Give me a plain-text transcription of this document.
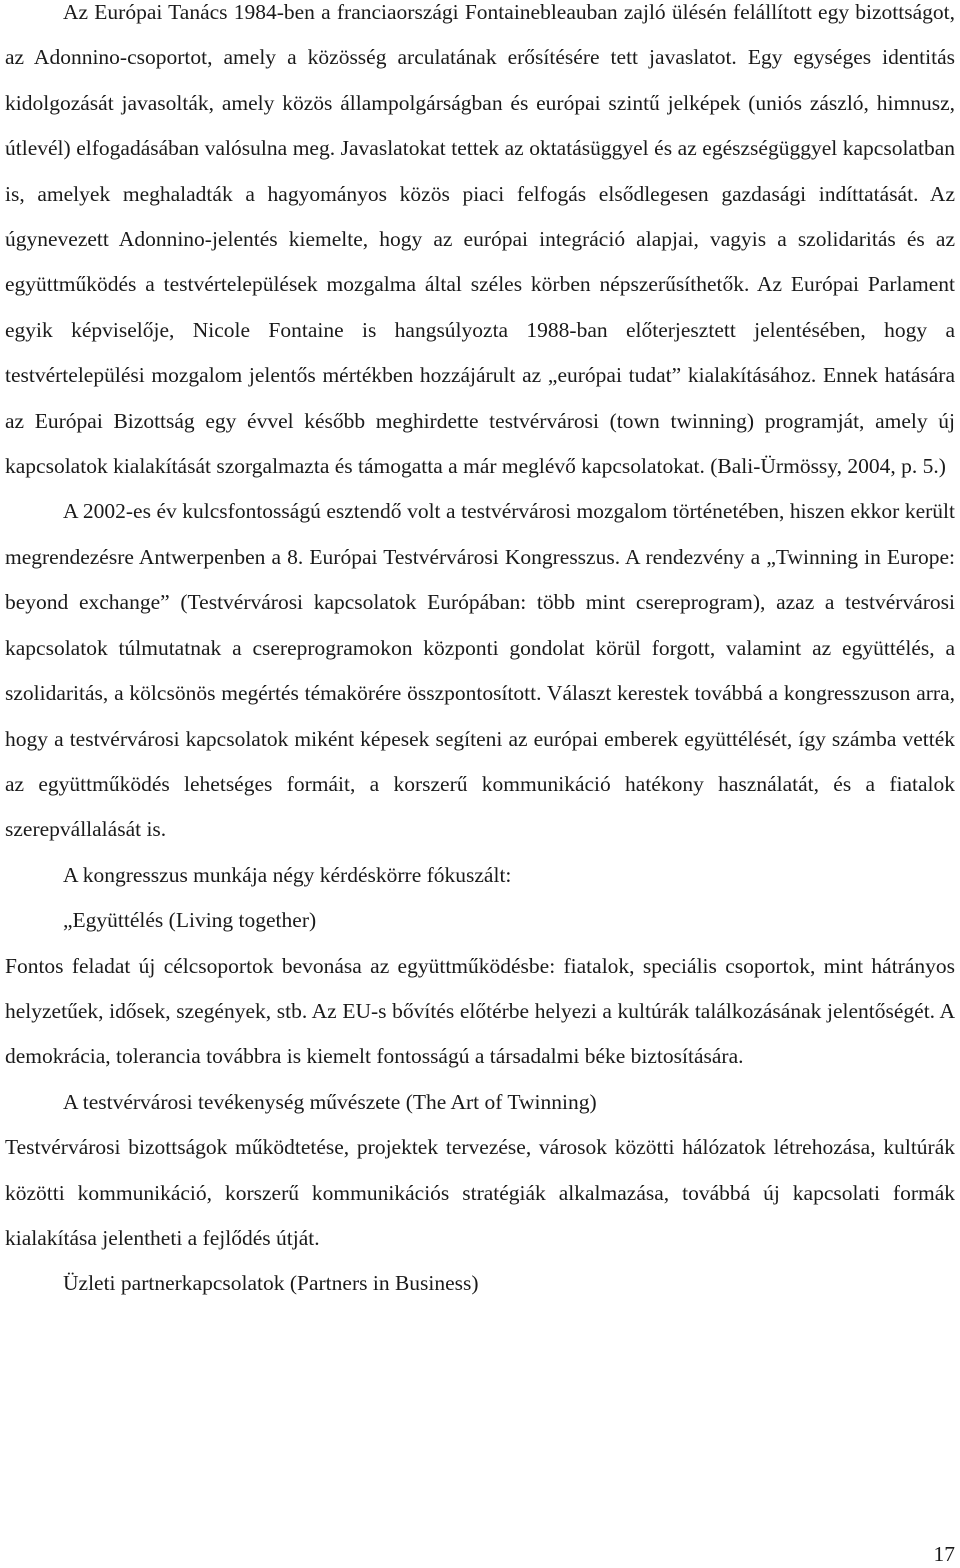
Az Európai Tanács 1984-ben a franciaországi Fontainebleauban zajló ülésén felállított egy bizottságot, az Adonnino-csoportot, amely a közösség arculatának erősítésére tett javaslatot. Egy egységes identitás kidolgozását javasolták, amely közös állampolgárságban és európai szintű jelképek (uniós zászló, himnusz, útlevél) elfogadásában valósulna meg. Javaslatokat tettek az oktatásüggyel és az egészségüggyel kapcsolatban is, amelyek meghaladták a hagyományos közös piaci felfogás elsődlegesen gazdasági indíttatását. Az úgynevezett Adonnino-jelentés kiemelte, hogy az európai integráció alapjai, vagyis a szolidaritás és az együttműködés a testvértelepülések mozgalma által széles körben népszerűsíthetők. Az Európai Parlament egyik képviselője, Nicole Fontaine is hangsúlyozta 1988-ban előterjesztett jelentésében, hogy a testvértelepülési mozgalom jelentős mértékben hozzájárult az „európai tudat” kialakításához. Ennek hatására az Európai Bizottság egy évvel később meghirdette testvérvárosi (town twinning) programját, amely új kapcsolatok kialakítását szorgalmazta és támogatta a már meglévő kapcsolatokat. (Bali-Ürmössy, 2004, p. 5.)

A 2002-es év kulcsfontosságú esztendő volt a testvérvárosi mozgalom történetében, hiszen ekkor került megrendezésre Antwerpenben a 8. Európai Testvérvárosi Kongresszus. A rendezvény a „Twinning in Europe: beyond exchange” (Testvérvárosi kapcsolatok Európában: több mint csereprogram), azaz a testvérvárosi kapcsolatok túlmutatnak a csereprogramokon központi gondolat körül forgott, valamint az együttélés, a szolidaritás, a kölcsönös megértés témakörére összpontosított. Választ kerestek továbbá a kongresszuson arra, hogy a testvérvárosi kapcsolatok miként képesek segíteni az európai emberek együttélését, így számba vették az együttműködés lehetséges formáit, a korszerű kommunikáció hatékony használatát, és a fiatalok szerepvállalását is.

A kongresszus munkája négy kérdéskörre fókuszált:

„Együttélés (Living together)

Fontos feladat új célcsoportok bevonása az együttműködésbe: fiatalok, speciális csoportok, mint hátrányos helyzetűek, idősek, szegények, stb. Az EU-s bővítés előtérbe helyezi a kultúrák találkozásának jelentőségét. A demokrácia, tolerancia továbbra is kiemelt fontosságú a társadalmi béke biztosítására.

A testvérvárosi tevékenység művészete (The Art of Twinning)

Testvérvárosi bizottságok működtetése, projektek tervezése, városok közötti hálózatok létrehozása, kultúrák közötti kommunikáció, korszerű kommunikációs stratégiák alkalmazása, továbbá új kapcsolati formák kialakítása jelentheti a fejlődés útját.

Üzleti partnerkapcsolatok (Partners in Business)

17
